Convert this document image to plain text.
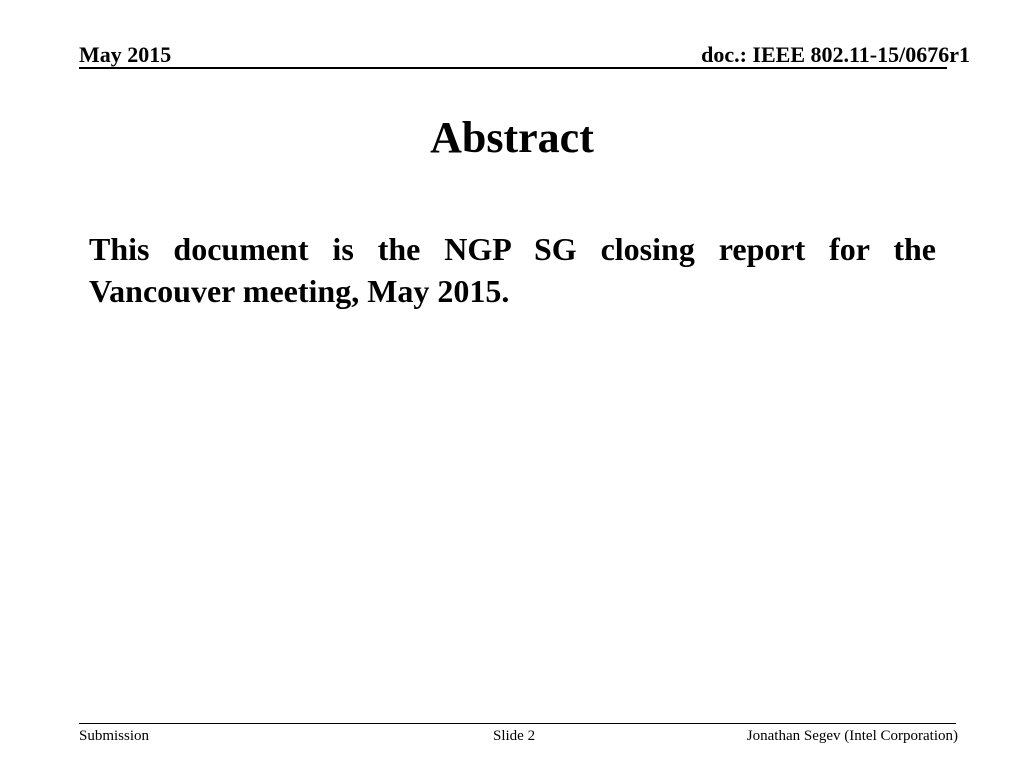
May 2015	doc.: IEEE 802.11-15/0676r1
Abstract
This document is the NGP SG closing report for the Vancouver meeting, May 2015.
Submission	Slide 2	Jonathan Segev (Intel Corporation)
